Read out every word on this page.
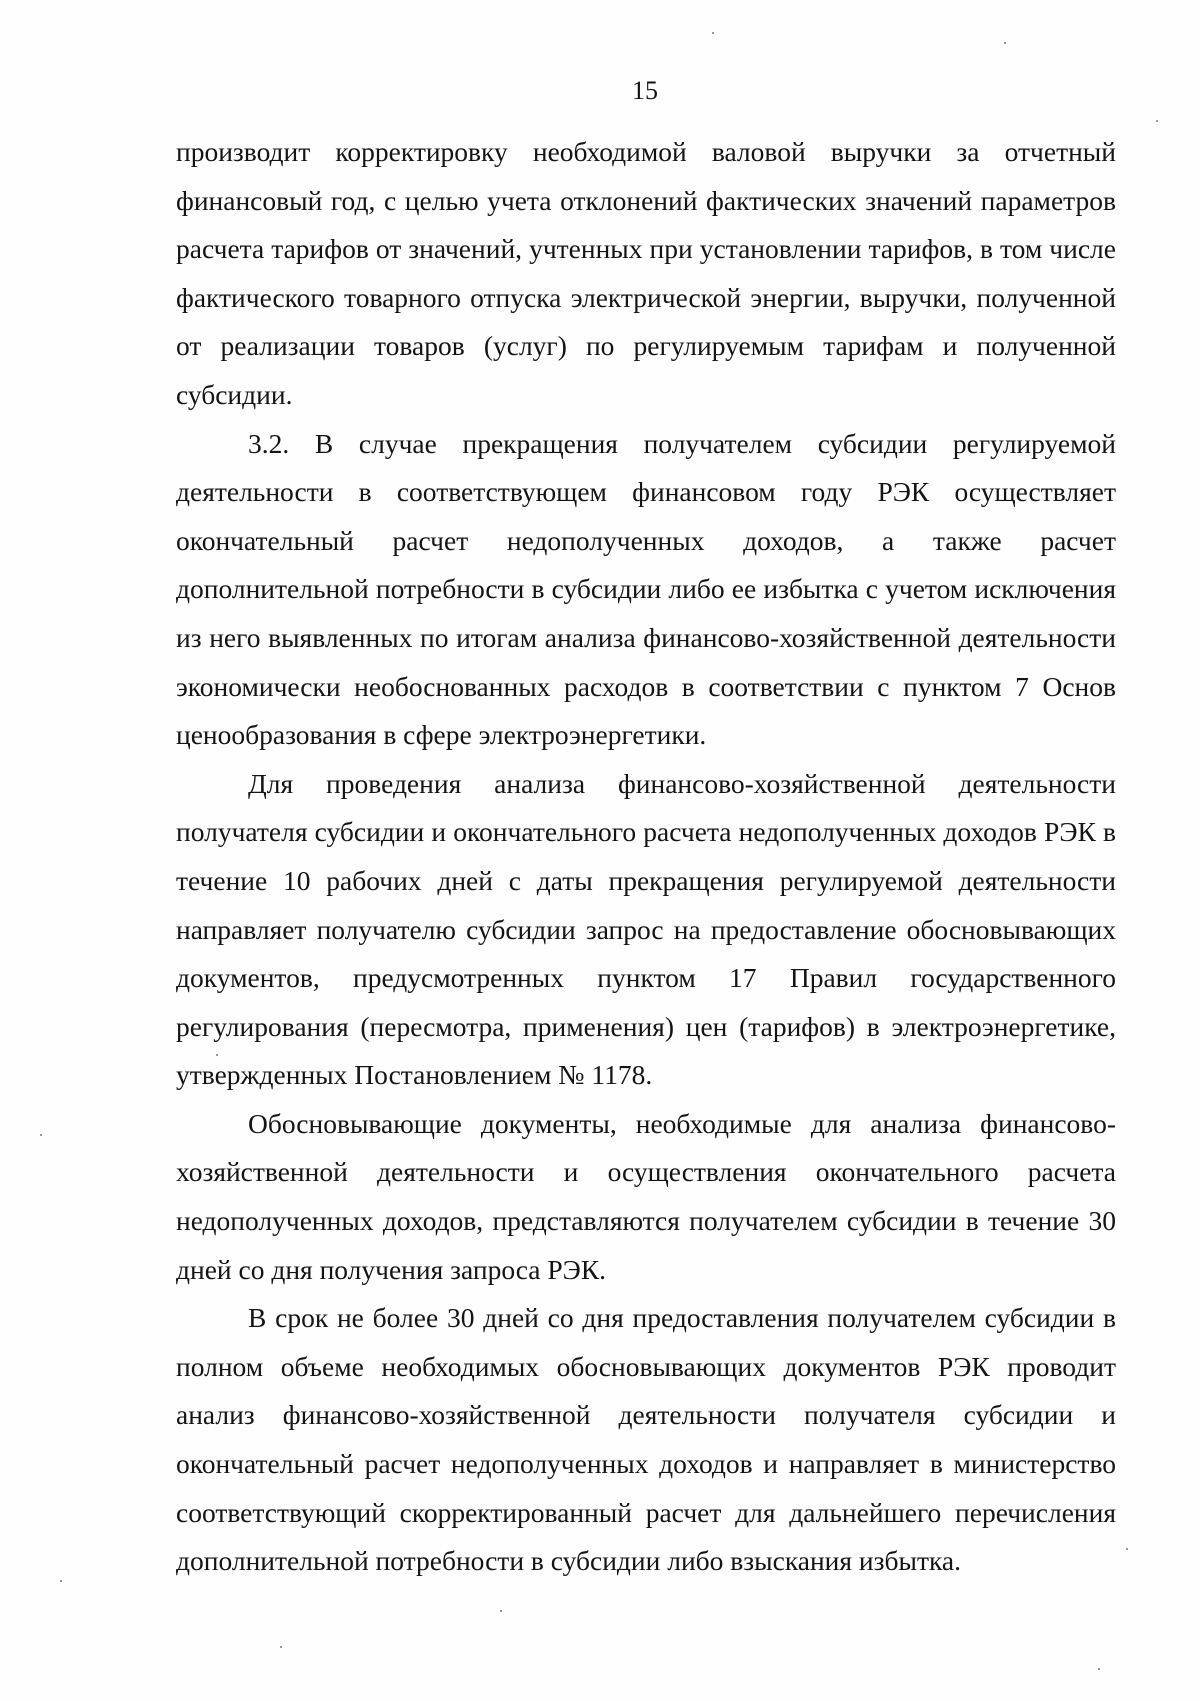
15

производит корректировку необходимой валовой выручки за отчетный финансовый год, с целью учета отклонений фактических значений параметров расчета тарифов от значений, учтенных при установлении тарифов, в том числе фактического товарного отпуска электрической энергии, выручки, полученной от реализации товаров (услуг) по регулируемым тарифам и полученной субсидии.

3.2. В случае прекращения получателем субсидии регулируемой деятельности в соответствующем финансовом году РЭК осуществляет окончательный расчет недополученных доходов, а также расчет дополнительной потребности в субсидии либо ее избытка с учетом исключения из него выявленных по итогам анализа финансово-хозяйственной деятельности экономически необоснованных расходов в соответствии с пунктом 7 Основ ценообразования в сфере электроэнергетики.

Для проведения анализа финансово-хозяйственной деятельности получателя субсидии и окончательного расчета недополученных доходов РЭК в течение 10 рабочих дней с даты прекращения регулируемой деятельности направляет получателю субсидии запрос на предоставление обосновывающих документов, предусмотренных пунктом 17 Правил государственного регулирования (пересмотра, применения) цен (тарифов) в электроэнергетике, утвержденных Постановлением № 1178.

Обосновывающие документы, необходимые для анализа финансово-хозяйственной деятельности и осуществления окончательного расчета недополученных доходов, представляются получателем субсидии в течение 30 дней со дня получения запроса РЭК.

В срок не более 30 дней со дня предоставления получателем субсидии в полном объеме необходимых обосновывающих документов РЭК проводит анализ финансово-хозяйственной деятельности получателя субсидии и окончательный расчет недополученных доходов и направляет в министерство соответствующий скорректированный расчет для дальнейшего перечисления дополнительной потребности в субсидии либо взыскания избытка.
